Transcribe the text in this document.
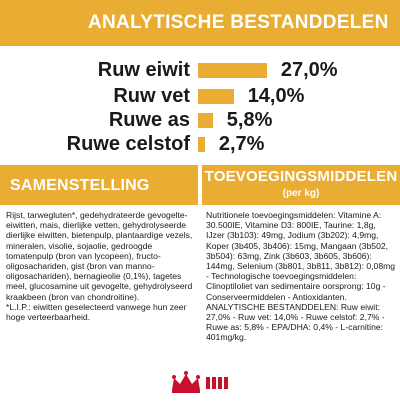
ANALYTISCHE BESTANDDELEN
Ruw eiwit	27,0%
Ruw vet	14,0%
Ruwe as 5,8%
Ruwe celstof 2,7%
SAMENSTELLING
TOEVOEGINGSMIDDELEN
(per kg)
Rijst, tarwegluten*, gedehydrateerde gevogelte-eiwitten, mais, dierlijke vetten, gehydrolyseerde dierlijke eiwitten, bietenpulp, plantaardige vezels, mineralen, visolie, sojaolie, gedroogde tomatenpulp (bron van lycopeen), fructo-oligosachariden, gist (bron van manno-oligosachariden), bernagieolie (0,1%), tagetes meel, glucosamine uit gevogelte, gehydrolyseerd kraakbeen (bron van chondroitine).
*L.I.P.: eiwitten geselecteerd vanwege hun zeer hoge verteerbaarheid.
Nutritionele toevoegingsmiddelen: Vitamine A: 30.500IE, Vitamine D3: 800IE, Taurine: 1,8g, IJzer (3b103): 49mg, Jodium (3b202): 4,9mg, Koper (3b405, 3b406): 15mg, Mangaan (3b502, 3b504): 63mg, Zink (3b603, 3b605, 3b606): 144mg, Selenium (3b801, 3b811, 3b812): 0,08mg - Technologische toevoegingsmiddelen: Clinoptiloliet van sedimentaire oorsprong: 10g - Conserveermiddelen - Antioxidanten. ANALYTISCHE BESTANDDELEN: Ruw eiwit: 27,0% - Ruw vet: 14,0% - Ruwe celstof: 2,7% - Ruwe as: 5,8% - EPA/DHA: 0,4% - L-carnitine: 401mg/kg.
